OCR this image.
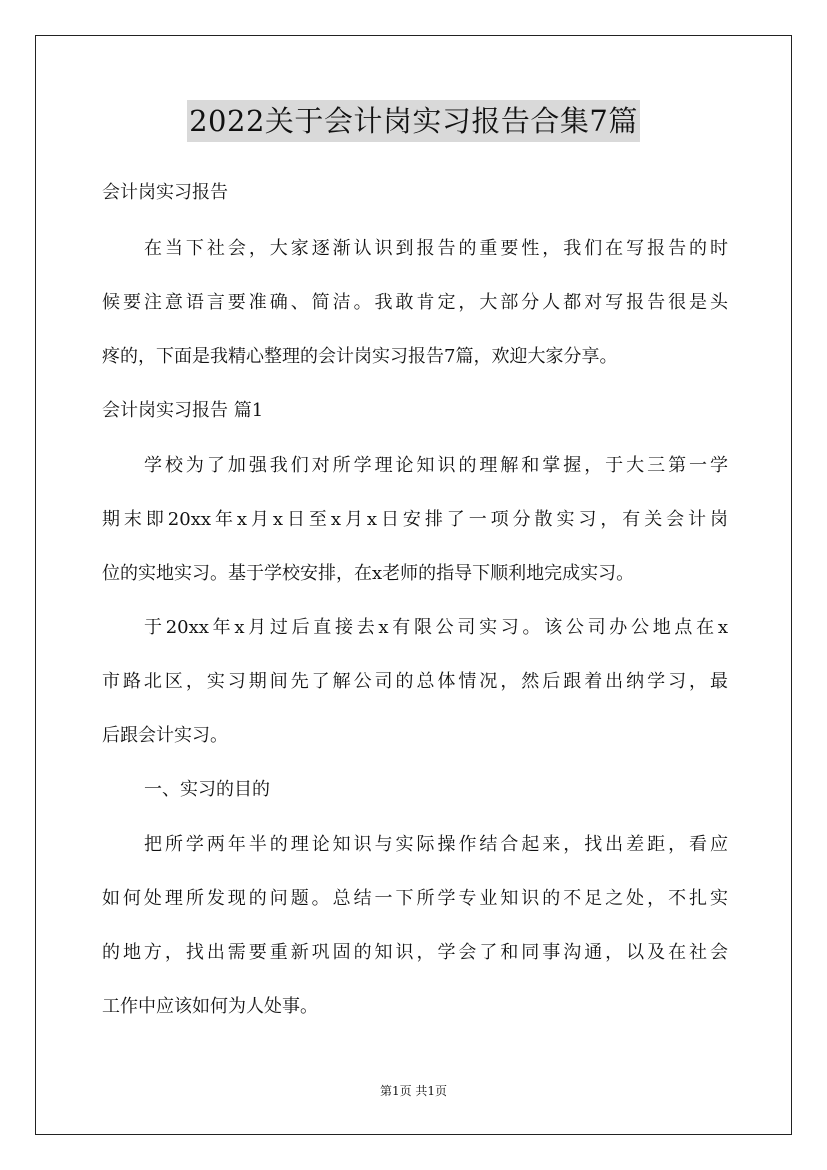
2022关于会计岗实习报告合集7篇
会计岗实习报告
在当下社会，大家逐渐认识到报告的重要性，我们在写报告的时
候要注意语言要准确、简洁。我敢肯定，大部分人都对写报告很是头
疼的，下面是我精心整理的会计岗实习报告7篇，欢迎大家分享。
会计岗实习报告 篇1
学校为了加强我们对所学理论知识的理解和掌握，于大三第一学
期末即20xx年x月x日至x月x日安排了一项分散实习，有关会计岗
位的实地实习。基于学校安排，在x老师的指导下顺利地完成实习。
于20xx年x月过后直接去x有限公司实习。该公司办公地点在x
市路北区，实习期间先了解公司的总体情况，然后跟着出纳学习，最
后跟会计实习。
一、实习的目的
把所学两年半的理论知识与实际操作结合起来，找出差距，看应
如何处理所发现的问题。总结一下所学专业知识的不足之处，不扎实
的地方，找出需要重新巩固的知识，学会了和同事沟通，以及在社会
工作中应该如何为人处事。
第1页 共1页
